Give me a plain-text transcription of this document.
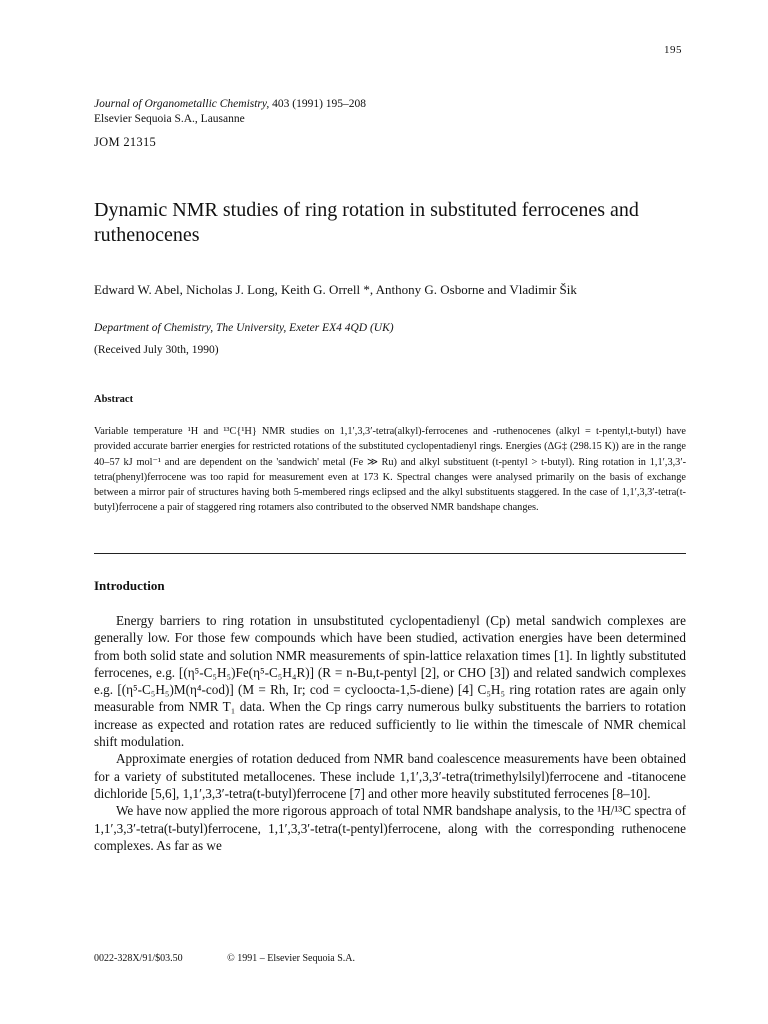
195
Journal of Organometallic Chemistry, 403 (1991) 195–208
Elsevier Sequoia S.A., Lausanne
JOM 21315
Dynamic NMR studies of ring rotation in substituted ferrocenes and ruthenocenes
Edward W. Abel, Nicholas J. Long, Keith G. Orrell *, Anthony G. Osborne and Vladimir Šik
Department of Chemistry, The University, Exeter EX4 4QD (UK)
(Received July 30th, 1990)
Abstract

Variable temperature ¹H and ¹³C{¹H} NMR studies on 1,1′,3,3′-tetra(alkyl)-ferrocenes and -ruthenocenes (alkyl = t-pentyl,t-butyl) have provided accurate barrier energies for restricted rotations of the substituted cyclopentadienyl rings. Energies (ΔG‡ (298.15 K)) are in the range 40–57 kJ mol⁻¹ and are dependent on the 'sandwich' metal (Fe ≫ Ru) and alkyl substituent (t-pentyl > t-butyl). Ring rotation in 1,1′,3,3′-tetra(phenyl)ferrocene was too rapid for measurement even at 173 K. Spectral changes were analysed primarily on the basis of exchange between a mirror pair of structures having both 5-membered rings eclipsed and the alkyl substituents staggered. In the case of 1,1′,3,3′-tetra(t-butyl)ferrocene a pair of staggered ring rotamers also contributed to the observed NMR bandshape changes.

Introduction

Energy barriers to ring rotation in unsubstituted cyclopentadienyl (Cp) metal sandwich complexes are generally low. For those few compounds which have been studied, activation energies have been determined from both solid state and solution NMR measurements of spin-lattice relaxation times [1]. In lightly substituted ferrocenes, e.g. [(η⁵-C₅H₅)Fe(η⁵-C₅H₄R)] (R = n-Bu,t-pentyl [2], or CHO [3]) and related sandwich complexes e.g. [(η⁵-C₅H₅)M(η⁴-cod)] (M = Rh, Ir; cod = cycloocta-1,5-diene) [4] C₅H₅ ring rotation rates are again only measurable from NMR T₁ data. When the Cp rings carry numerous bulky substituents the barriers to rotation increase as expected and rotation rates are reduced sufficiently to lie within the timescale of NMR chemical shift modulation.

Approximate energies of rotation deduced from NMR band coalescence measurements have been obtained for a variety of substituted metallocenes. These include 1,1′,3,3′-tetra(trimethylsilyl)ferrocene and -titanocene dichloride [5,6], 1,1′,3,3′-tetra(t-butyl)ferrocene [7] and other more heavily substituted ferrocenes [8–10].

We have now applied the more rigorous approach of total NMR bandshape analysis, to the ¹H/¹³C spectra of 1,1′,3,3′-tetra(t-butyl)ferrocene, 1,1′,3,3′-tetra(t-pentyl)ferrocene, along with the corresponding ruthenocene complexes. As far as we

0022-328X/91/$03.50	© 1991 – Elsevier Sequoia S.A.
